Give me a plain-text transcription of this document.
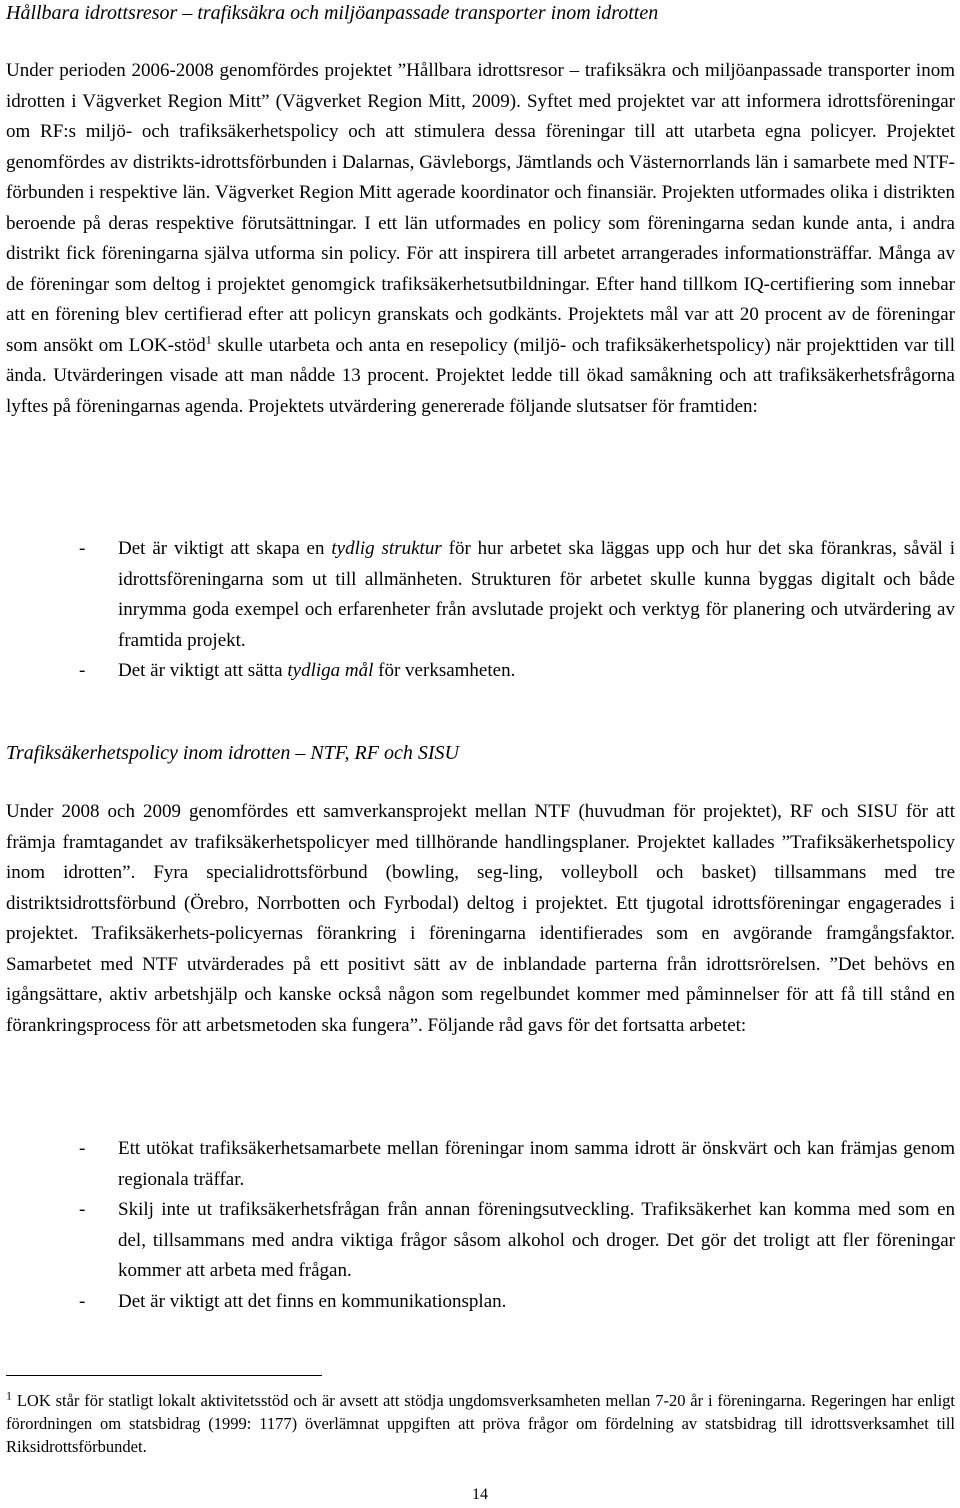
Hållbara idrottsresor – trafiksäkra och miljöanpassade transporter inom idrotten

Under perioden 2006-2008 genomfördes projektet ”Hållbara idrottsresor – trafiksäkra och miljöanpassade transporter inom idrotten i Vägverket Region Mitt” (Vägverket Region Mitt, 2009). Syftet med projektet var att informera idrottsföreningar om RF:s miljö- och trafiksäkerhetspolicy och att stimulera dessa föreningar till att utarbeta egna policyer. Projektet genomfördes av distrikts-idrottsförbunden i Dalarnas, Gävleborgs, Jämtlands och Västernorrlands län i samarbete med NTF-förbunden i respektive län. Vägverket Region Mitt agerade koordinator och finansiär. Projekten utformades olika i distrikten beroende på deras respektive förutsättningar. I ett län utformades en policy som föreningarna sedan kunde anta, i andra distrikt fick föreningarna själva utforma sin policy. För att inspirera till arbetet arrangerades informationsträffar. Många av de föreningar som deltog i projektet genomgick trafiksäkerhetsutbildningar. Efter hand tillkom IQ-certifiering som innebar att en förening blev certifierad efter att policyn granskats och godkänts. Projektets mål var att 20 procent av de föreningar som ansökt om LOK-stöd$^1$ skulle utarbeta och anta en resepolicy (miljö- och trafiksäkerhetspolicy) när projekttiden var till ända. Utvärderingen visade att man nådde 13 procent. Projektet ledde till ökad samåkning och att trafiksäkerhetsfrågorna lyftes på föreningarnas agenda. Projektets utvärdering genererade följande slutsatser för framtiden:

- Det är viktigt att skapa en tydlig struktur för hur arbetet ska läggas upp och hur det ska förankras, såväl i idrottsföreningarna som ut till allmänheten. Strukturen för arbetet skulle kunna byggas digitalt och både inrymma goda exempel och erfarenheter från avslutade projekt och verktyg för planering och utvärdering av framtida projekt.
- Det är viktigt att sätta tydliga mål för verksamheten.
Trafiksäkerhetspolicy inom idrotten – NTF, RF och SISU

Under 2008 och 2009 genomfördes ett samverkansprojekt mellan NTF (huvudman för projektet), RF och SISU för att främja framtagandet av trafiksäkerhetspolicyer med tillhörande handlingsplaner. Projektet kallades ”Trafiksäkerhetspolicy inom idrotten”. Fyra specialidrottsförbund (bowling, seg-ling, volleyboll och basket) tillsammans med tre distriktsidrottsförbund (Örebro, Norrbotten och Fyrbodal) deltog i projektet. Ett tjugotal idrottsföreningar engagerades i projektet. Trafiksäkerhets-policyernas förankring i föreningarna identifierades som en avgörande framgångsfaktor. Samarbetet med NTF utvärderades på ett positivt sätt av de inblandade parterna från idrottsrörelsen. ”Det behövs en igångsättare, aktiv arbetshjälp och kanske också någon som regelbundet kommer med påminnelser för att få till stånd en förankringsprocess för att arbetsmetoden ska fungera”. Följande råd gavs för det fortsatta arbetet:

- Ett utökat trafiksäkerhetsamarbete mellan föreningar inom samma idrott är önskvärt och kan främjas genom regionala träffar.
- Skilj inte ut trafiksäkerhetsfrågan från annan föreningsutveckling. Trafiksäkerhet kan komma med som en del, tillsammans med andra viktiga frågor såsom alkohol och droger. Det gör det troligt att fler föreningar kommer att arbeta med frågan.
- Det är viktigt att det finns en kommunikationsplan.

$^1$ LOK står för statligt lokalt aktivitetsstöd och är avsett att stödja ungdomsverksamheten mellan 7-20 år i föreningarna. Regeringen har enligt förordningen om statsbidrag (1999: 1177) överlämnat uppgiften att pröva frågor om fördelning av statsbidrag till idrottsverksamhet till Riksidrottsförbundet.

14
